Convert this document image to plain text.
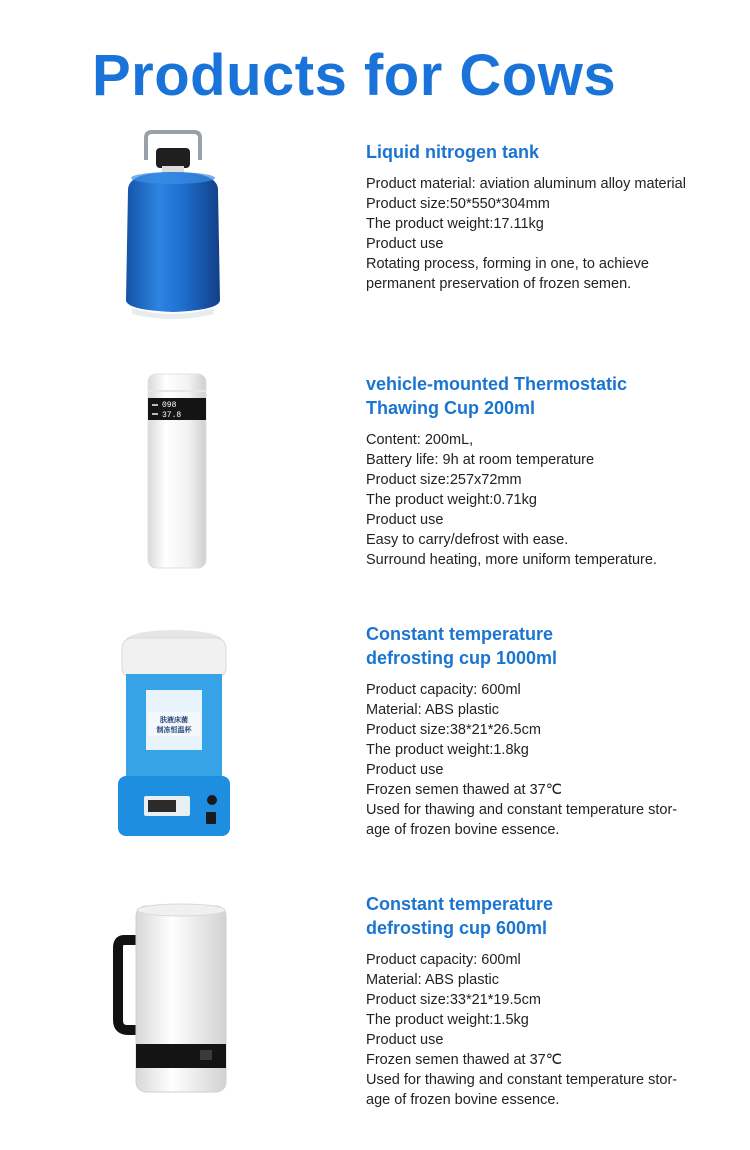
Products for Cows
Liquid nitrogen tank

Product material: aviation aluminum alloy material

Product size:50*550*304mm

The product weight:17.11kg

Product use

Rotating process, forming in one, to achieve

permanent preservation of frozen semen.

098
37.8
vehicle-mounted Thermostatic
Thawing Cup 200ml

Content: 200mL,

Battery life: 9h at room temperature

Product size:257x72mm

The product weight:0.71kg

Product use

Easy to carry/defrost with ease.

Surround heating, more uniform temperature.

肤液床菌
制冻恒温杯
Constant temperature
defrosting cup 1000ml

Product capacity: 600ml

Material: ABS plastic

Product size:38*21*26.5cm

The product weight:1.8kg

Product use

Frozen semen thawed at 37℃

Used for thawing and constant temperature stor-

age of frozen bovine essence.

Constant temperature
defrosting cup 600ml

Product capacity: 600ml

Material: ABS plastic

Product size:33*21*19.5cm

The product weight:1.5kg

Product use

Frozen semen thawed at 37℃

Used for thawing and constant temperature stor-

age of frozen bovine essence.
